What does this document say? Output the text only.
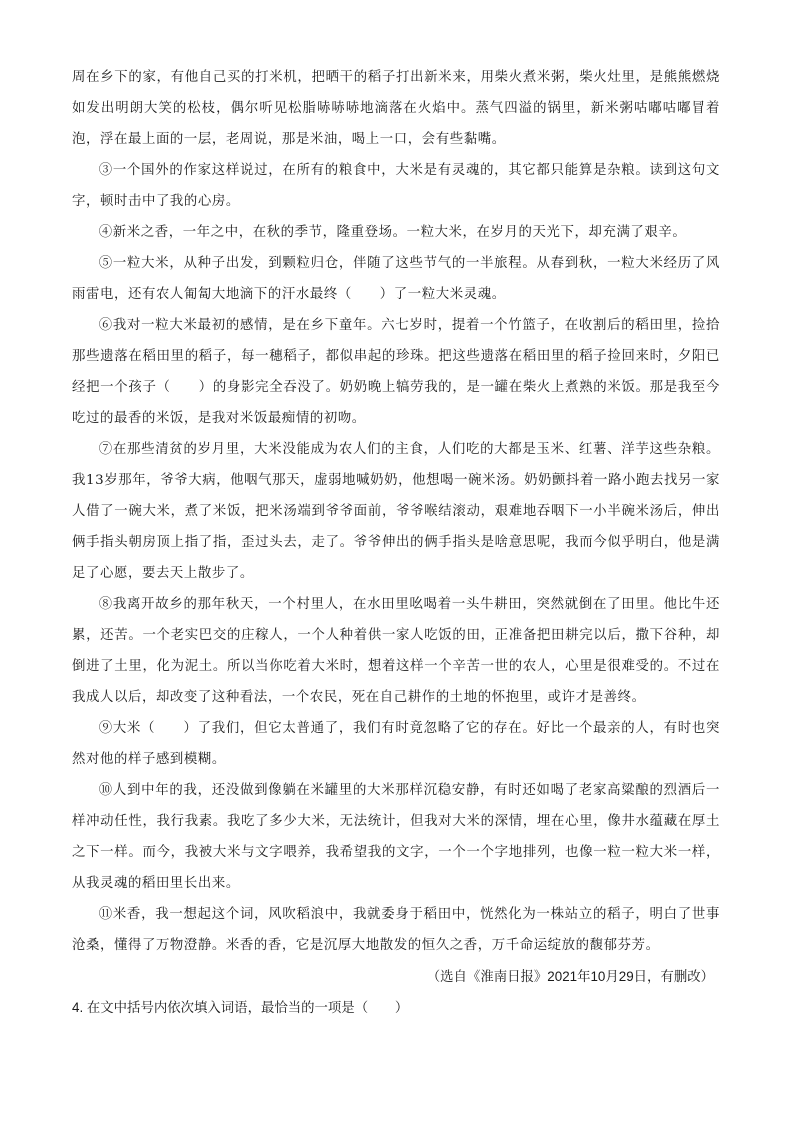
周在乡下的家，有他自己买的打米机，把晒干的稻子打出新米来，用柴火煮米粥，柴火灶里，是熊熊燃烧如发出明朗大笑的松枝，偶尔听见松脂哧哧哧地滴落在火焰中。蒸气四溢的锅里，新米粥咕嘟咕嘟冒着泡，浮在最上面的一层，老周说，那是米油，喝上一口，会有些黏嘴。

③一个国外的作家这样说过，在所有的粮食中，大米是有灵魂的，其它都只能算是杂粮。读到这句文字，顿时击中了我的心房。

④新米之香，一年之中，在秋的季节，隆重登场。一粒大米，在岁月的天光下，却充满了艰辛。

⑤一粒大米，从种子出发，到颗粒归仓，伴随了这些节气的一半旅程。从春到秋，一粒大米经历了风雨雷电，还有农人匍匐大地滴下的汗水最终（　　）了一粒大米灵魂。

⑥我对一粒大米最初的感情，是在乡下童年。六七岁时，提着一个竹篮子，在收割后的稻田里，捡拾那些遗落在稻田里的稻子，每一穗稻子，都似串起的珍珠。把这些遗落在稻田里的稻子捡回来时，夕阳已经把一个孩子（　　）的身影完全吞没了。奶奶晚上犒劳我的，是一罐在柴火上煮熟的米饭。那是我至今吃过的最香的米饭，是我对米饭最痴情的初吻。

⑦在那些清贫的岁月里，大米没能成为农人们的主食，人们吃的大都是玉米、红薯、洋芋这些杂粮。我13岁那年，爷爷大病，他咽气那天，虚弱地喊奶奶，他想喝一碗米汤。奶奶颤抖着一路小跑去找另一家人借了一碗大米，煮了米饭，把米汤端到爷爷面前，爷爷喉结滚动，艰难地吞咽下一小半碗米汤后，伸出俩手指头朝房顶上指了指，歪过头去，走了。爷爷伸出的俩手指头是啥意思呢，我而今似乎明白，他是满足了心愿，要去天上散步了。

⑧我离开故乡的那年秋天，一个村里人，在水田里吆喝着一头牛耕田，突然就倒在了田里。他比牛还累，还苦。一个老实巴交的庄稼人，一个人种着供一家人吃饭的田，正准备把田耕完以后，撒下谷种，却倒进了土里，化为泥土。所以当你吃着大米时，想着这样一个辛苦一世的农人，心里是很难受的。不过在我成人以后，却改变了这种看法，一个农民，死在自己耕作的土地的怀抱里，或许才是善终。

⑨大米（　　）了我们，但它太普通了，我们有时竟忽略了它的存在。好比一个最亲的人，有时也突然对他的样子感到模糊。

⑩人到中年的我，还没做到像躺在米罐里的大米那样沉稳安静，有时还如喝了老家高粱酿的烈酒后一样冲动任性，我行我素。我吃了多少大米，无法统计，但我对大米的深情，埋在心里，像井水蕴藏在厚土之下一样。而今，我被大米与文字喂养，我希望我的文字，一个一个字地排列，也像一粒一粒大米一样，从我灵魂的稻田里长出来。

⑪米香，我一想起这个词，风吹稻浪中，我就委身于稻田中，恍然化为一株站立的稻子，明白了世事沧桑，懂得了万物澄静。米香的香，它是沉厚大地散发的恒久之香，万千命运绽放的馥郁芬芳。

（选自《淮南日报》2021年10月29日，有删改）

4. 在文中括号内依次填入词语，最恰当的一项是（　　）
